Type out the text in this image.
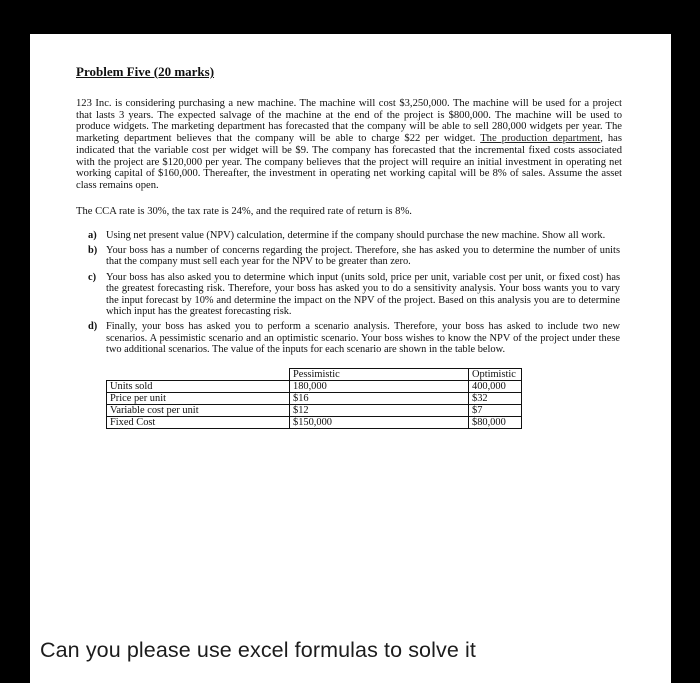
Problem Five (20 marks)

123 Inc. is considering purchasing a new machine. The machine will cost $3,250,000. The machine will be used for a project that lasts 3 years. The expected salvage of the machine at the end of the project is $800,000. The machine will be used to produce widgets. The marketing department has forecasted that the company will be able to sell 280,000 widgets per year. The marketing department believes that the company will be able to charge $22 per widget. The production department, has indicated that the variable cost per widget will be $9. The company has forecasted that the incremental fixed costs associated with the project are $120,000 per year. The company believes that the project will require an initial investment in operating net working capital of $160,000. Thereafter, the investment in operating net working capital will be 8% of sales. Assume the asset class remains open.

The CCA rate is 30%, the tax rate is 24%, and the required rate of return is 8%.

a) Using net present value (NPV) calculation, determine if the company should purchase the new machine. Show all work.
b) Your boss has a number of concerns regarding the project. Therefore, she has asked you to determine the number of units that the company must sell each year for the NPV to be greater than zero.
c) Your boss has also asked you to determine which input (units sold, price per unit, variable cost per unit, or fixed cost) has the greatest forecasting risk. Therefore, your boss has asked you to do a sensitivity analysis. Your boss wants you to vary the input forecast by 10% and determine the impact on the NPV of the project. Based on this analysis you are to determine which input has the greatest forecasting risk.
d) Finally, your boss has asked you to perform a scenario analysis. Therefore, your boss has asked to include two new scenarios. A pessimistic scenario and an optimistic scenario. Your boss wishes to know the NPV of the project under these two additional scenarios. The value of the inputs for each scenario are shown in the table below.
	Pessimistic	Optimistic
Units sold	180,000	400,000
Price per unit	$16	$32
Variable cost per unit	$12	$7
Fixed Cost	$150,000	$80,000

Can you please use excel formulas to solve it
